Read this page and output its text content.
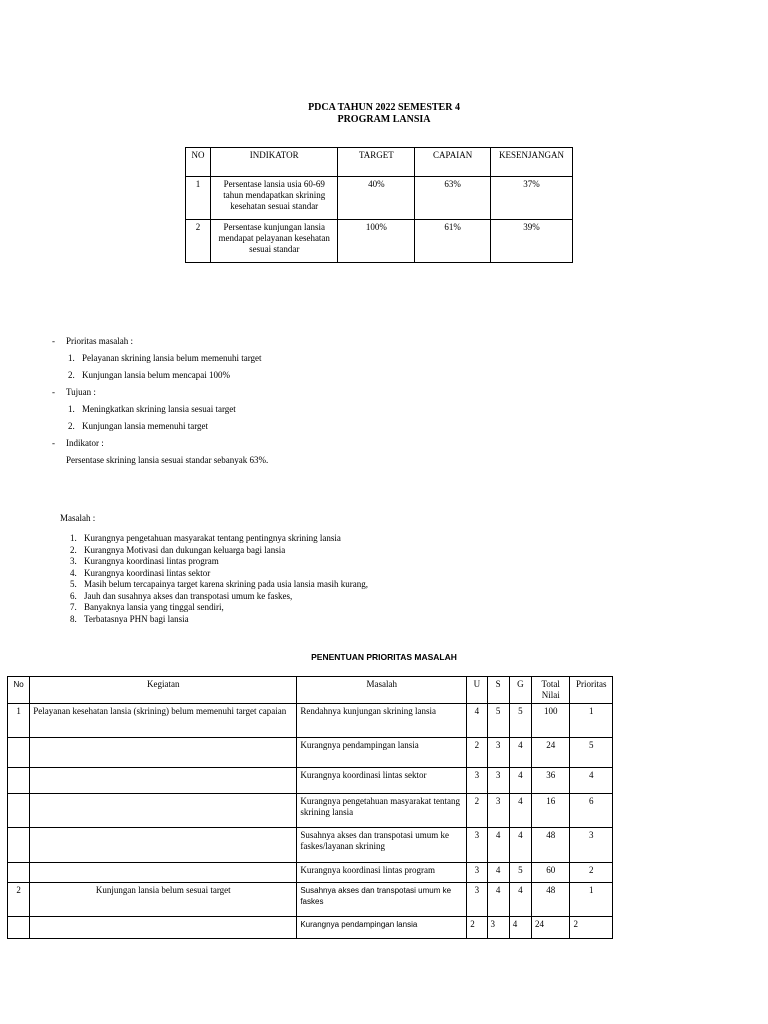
PDCA TAHUN 2022 SEMESTER 4
PROGRAM LANSIA
NO	INDIKATOR	TARGET	CAPAIAN	KESENJANGAN
1	Persentase lansia usia 60-69 tahun mendapatkan skrining kesehatan sesuai standar	40%	63%	37%
2	Persentase kunjungan lansia mendapat pelayanan kesehatan sesuai standar	100%	61%	39%
- Prioritas masalah :
1. Pelayanan skrining lansia belum memenuhi target
2. Kunjungan lansia belum mencapai 100%
- Tujuan :
1. Meningkatkan skrining lansia sesuai target
2. Kunjungan lansia memenuhi target
- Indikator :
Persentase skrining lansia sesuai standar sebanyak 63%.
Masalah :
1. Kurangnya pengetahuan masyarakat tentang pentingnya skrining lansia
2. Kurangnya Motivasi dan dukungan keluarga bagi lansia
3. Kurangnya koordinasi lintas program
4. Kurangnya koordinasi lintas sektor
5. Masih belum tercapainya target karena skrining pada usia lansia masih kurang,
6. Jauh dan susahnya akses dan transpotasi umum ke faskes,
7. Banyaknya lansia yang tinggal sendiri,
8. Terbatasnya PHN bagi lansia
PENENTUAN PRIORITAS MASALAH
No	Kegiatan	Masalah	U	S	G	Total Nilai	Prioritas
1	Pelayanan kesehatan lansia (skrining) belum memenuhi target capaian	Rendahnya kunjungan skrining lansia	4	5	5	100	1
		Kurangnya pendampingan lansia	2	3	4	24	5
		Kurangnya koordinasi lintas sektor	3	3	4	36	4
		Kurangnya pengetahuan masyarakat tentang skrining lansia	2	3	4	16	6
		Susahnya akses dan transpotasi umum ke faskes/layanan skrining	3	4	4	48	3
		Kurangnya koordinasi lintas program	3	4	5	60	2
2	Kunjungan lansia belum sesuai target	Susahnya akses dan transpotasi umum ke faskes	3	4	4	48	1
		Kurangnya pendampingan lansia	2	3	4	24	2
